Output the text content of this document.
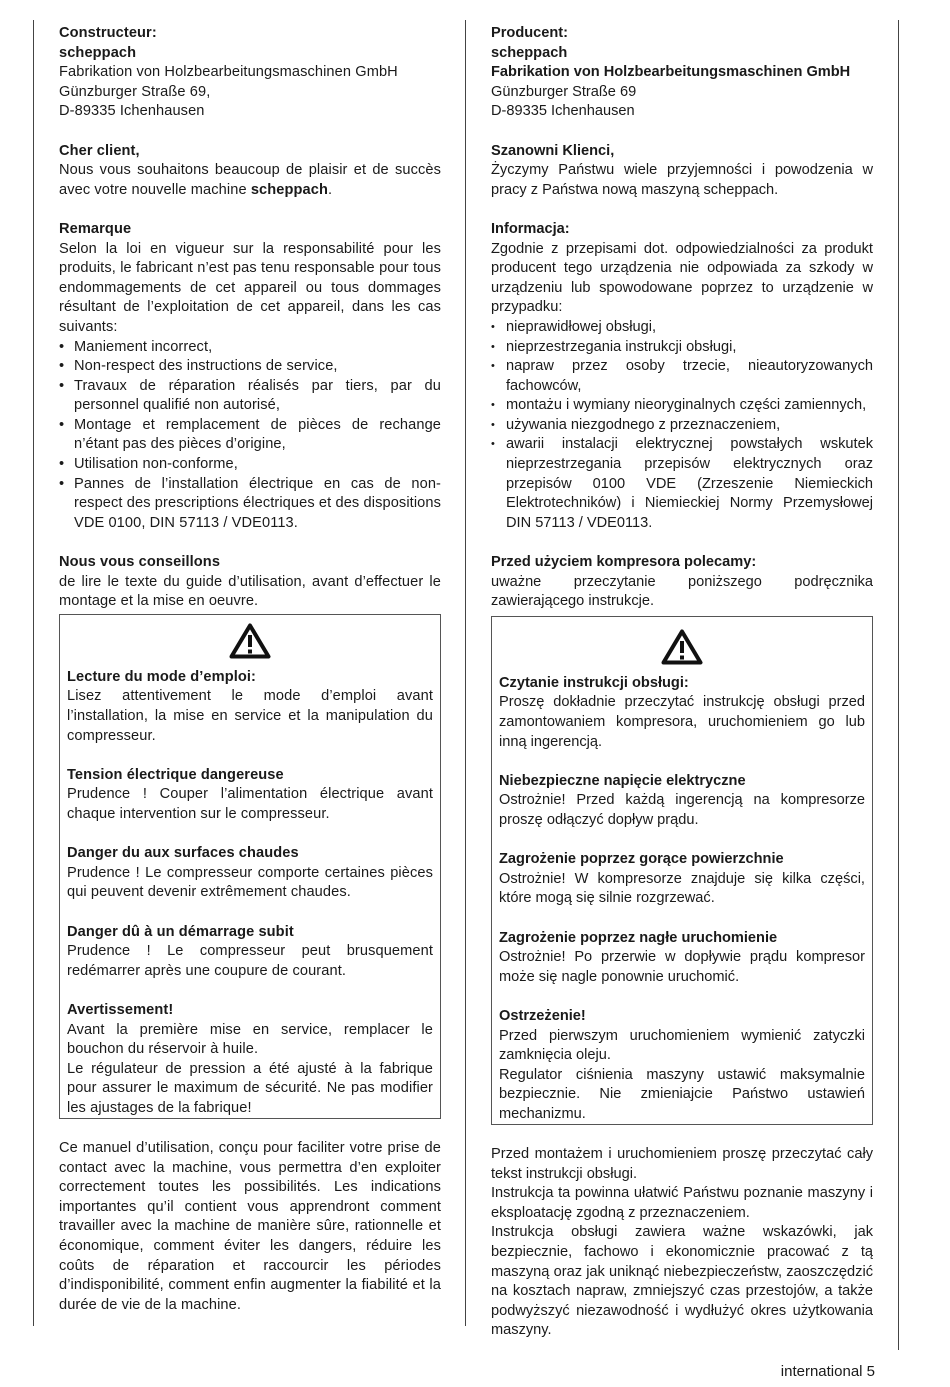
Constructeur:

scheppach

Fabrikation von Holzbearbeitungsmaschinen GmbH

Günzburger Straße 69,

D-89335 Ichenhausen

Cher client,

Nous vous souhaitons beaucoup de plaisir et de succès avec votre nouvelle machine scheppach.

Remarque

Selon la loi en vigueur sur la responsabilité pour les produits, le fabricant n’est pas tenu responsable pour tous endommagements de cet appareil ou tous dommages résultant de l’exploitation de cet appareil, dans les cas suivants:

• Maniement incorrect,
• Non-respect des instructions de service,
• Travaux de réparation réalisés par tiers, par du personnel qualifié non autorisé,
• Montage et remplacement de pièces de rechange n’étant pas des pièces d’origine,
• Utilisation non-conforme,
• Pannes de l’installation électrique en cas de non-respect des prescriptions électriques et des dispositions VDE 0100, DIN 57113 / VDE0113.

Nous vous conseillons

de lire le texte du guide d’utilisation, avant d’effectuer le montage et la mise en oeuvre.

Lecture du mode d’emploi:

Lisez attentivement le mode d’emploi avant l’installation, la mise en service et la manipulation du compresseur.

Tension électrique dangereuse

Prudence ! Couper l’alimentation électrique avant chaque intervention sur le compresseur.

Danger du aux surfaces chaudes

Prudence ! Le compresseur comporte certaines pièces qui peuvent devenir extrêmement chaudes.

Danger dû à un démarrage subit

Prudence ! Le compresseur peut brusquement redémarrer après une coupure de courant.

Avertissement!

Avant la première mise en service, remplacer le bouchon du réservoir à huile.

Le régulateur de pression a été ajusté à la fabrique pour assurer le maximum de sécurité. Ne pas modifier les ajustages de la fabrique!

Ce manuel d’utilisation, conçu pour faciliter votre prise de contact avec la machine, vous permettra d’en exploiter correctement toutes les possibilités. Les indications importantes qu’il contient vous apprendront comment travailler avec la machine de manière sûre, rationnelle et économique, comment éviter les dangers, réduire les coûts de réparation et raccourcir les périodes d’indisponibilité, comment enfin augmenter la fiabilité et la durée de vie de la machine.

Producent:

scheppach

Fabrikation von Holzbearbeitungsmaschinen GmbH

Günzburger Straße 69

D-89335 Ichenhausen

Szanowni Klienci,

Życzymy Państwu wiele przyjemności i powodzenia w pracy z Państwa nową maszyną scheppach.

Informacja:

Zgodnie z przepisami dot. odpowiedzialności za produkt producent tego urządzenia nie odpowiada za szkody w urządzeniu lub spowodowane poprzez to urządzenie w przypadku:

• nieprawidłowej obsługi,
• nieprzestrzegania instrukcji obsługi,
• napraw przez osoby trzecie, nieautoryzowanych fachowców,
• montażu i wymiany nieoryginalnych części zamiennych,
• używania niezgodnego z przeznaczeniem,
• awarii instalacji elektrycznej powstałych wskutek nieprzestrzegania przepisów elektrycznych oraz przepisów 0100 VDE (Zrzeszenie Niemieckich Elektrotechników) i Niemieckiej Normy Przemysłowej DIN 57113 / VDE0113.

Przed użyciem kompresora polecamy:

uważne przeczytanie poniższego podręcznika zawierającego instrukcje.

Czytanie instrukcji obsługi:

Proszę dokładnie przeczytać instrukcję obsługi przed zamontowaniem kompresora, uruchomieniem go lub inną ingerencją.

Niebezpieczne napięcie elektryczne

Ostrożnie! Przed każdą ingerencją na kompresorze proszę odłączyć dopływ prądu.

Zagrożenie poprzez gorące powierzchnie

Ostrożnie! W kompresorze znajduje się kilka części, które mogą się silnie rozgrzewać.

Zagrożenie poprzez nagłe uruchomienie

Ostrożnie! Po przerwie w dopływie prądu kompresor może się nagle ponownie uruchomić.

Ostrzeżenie!

Przed pierwszym uruchomieniem wymienić zatyczki zamknięcia oleju.

Regulator ciśnienia maszyny ustawić maksymalnie bezpiecznie. Nie zmieniajcie Państwo ustawień mechanizmu.

Przed montażem i uruchomieniem proszę przeczytać cały tekst instrukcji obsługi.

Instrukcja ta powinna ułatwić Państwu poznanie maszyny i eksploatację zgodną z przeznaczeniem.

Instrukcja obsługi zawiera ważne wskazówki, jak bezpiecznie, fachowo i ekonomicznie pracować z tą maszyną oraz jak uniknąć niebezpieczeństw, zaoszczędzić na kosztach napraw, zmniejszyć czas przestojów, a także podwyższyć niezawodność i wydłużyć okres użytkowania maszyny.

international 5
